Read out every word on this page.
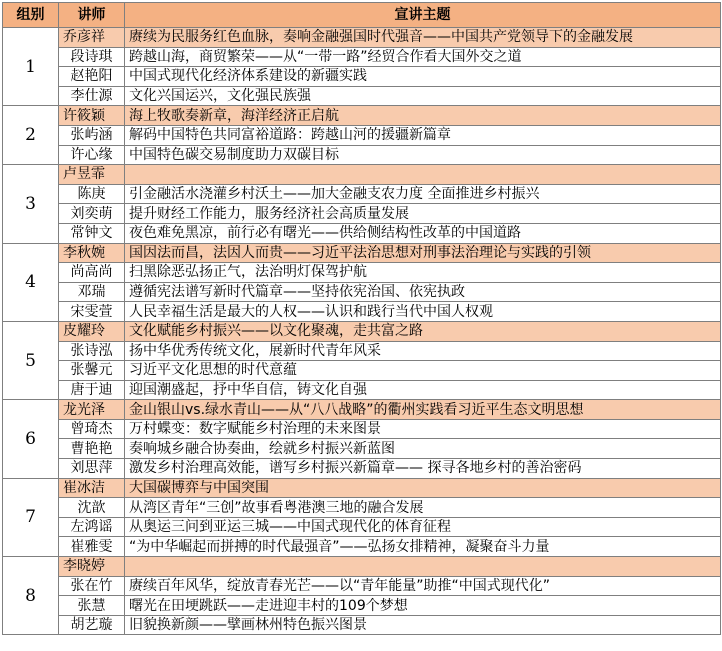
组别	讲师	宣讲主题
1	乔彦祥	赓续为民服务红色血脉，奏响金融强国时代强音——中国共产党领导下的金融发展
	段诗琪	跨越山海，商贸繁荣——从“一带一路”经贸合作看大国外交之道
	赵艳阳	中国式现代化经济体系建设的新疆实践
	李仕源	文化兴国运兴，文化强民族强
2	许筱颖	海上牧歌奏新章，海洋经济正启航
	张屿涵	解码中国特色共同富裕道路：跨越山河的援疆新篇章
	许心缘	中国特色碳交易制度助力双碳目标
3	卢昱霏	
	陈庚	引金融活水浇灌乡村沃土——加大金融支农力度 全面推进乡村振兴
	刘奕萌	提升财经工作能力，服务经济社会高质量发展
	常钟文	夜色难免黑凉，前行必有曙光——供给侧结构性改革的中国道路
4	李秋婉	国因法而昌，法因人而贵——习近平法治思想对刑事法治理论与实践的引领
	尚高尚	扫黑除恶弘扬正气，法治明灯保驾护航
	邓瑞	遵循宪法谱写新时代篇章——坚持依宪治国、依宪执政
	宋雯萱	人民幸福生活是最大的人权——认识和践行当代中国人权观
5	皮耀玲	文化赋能乡村振兴——以文化聚魂，走共富之路
	张诗泓	扬中华优秀传统文化，展新时代青年风采
	张馨元	习近平文化思想的时代意蕴
	唐于迪	迎国潮盛起，抒中华自信，铸文化自强
6	龙光泽	金山银山vs.绿水青山——从“八八战略”的衢州实践看习近平生态文明思想
	曾琦杰	万村蝶变：数字赋能乡村治理的未来图景
	曹艳艳	奏响城乡融合协奏曲，绘就乡村振兴新蓝图
	刘思萍	激发乡村治理高效能，谱写乡村振兴新篇章—— 探寻各地乡村的善治密码
7	崔冰洁	大国碳博弈与中国突围
	沈歆	从湾区青年“三创”故事看粤港澳三地的融合发展
	左鸿谣	从奥运三问到亚运三城——中国式现代化的体育征程
	崔雅雯	“为中华崛起而拼搏的时代最强音”——弘扬女排精神，凝聚奋斗力量
8	李晓婷	
	张在竹	赓续百年风华，绽放青春光芒——以“青年能量”助推“中国式现代化”
	张慧	曙光在田埂跳跃——走进迎丰村的109个梦想
	胡艺璇	旧貌换新颜——擘画林州特色振兴图景
